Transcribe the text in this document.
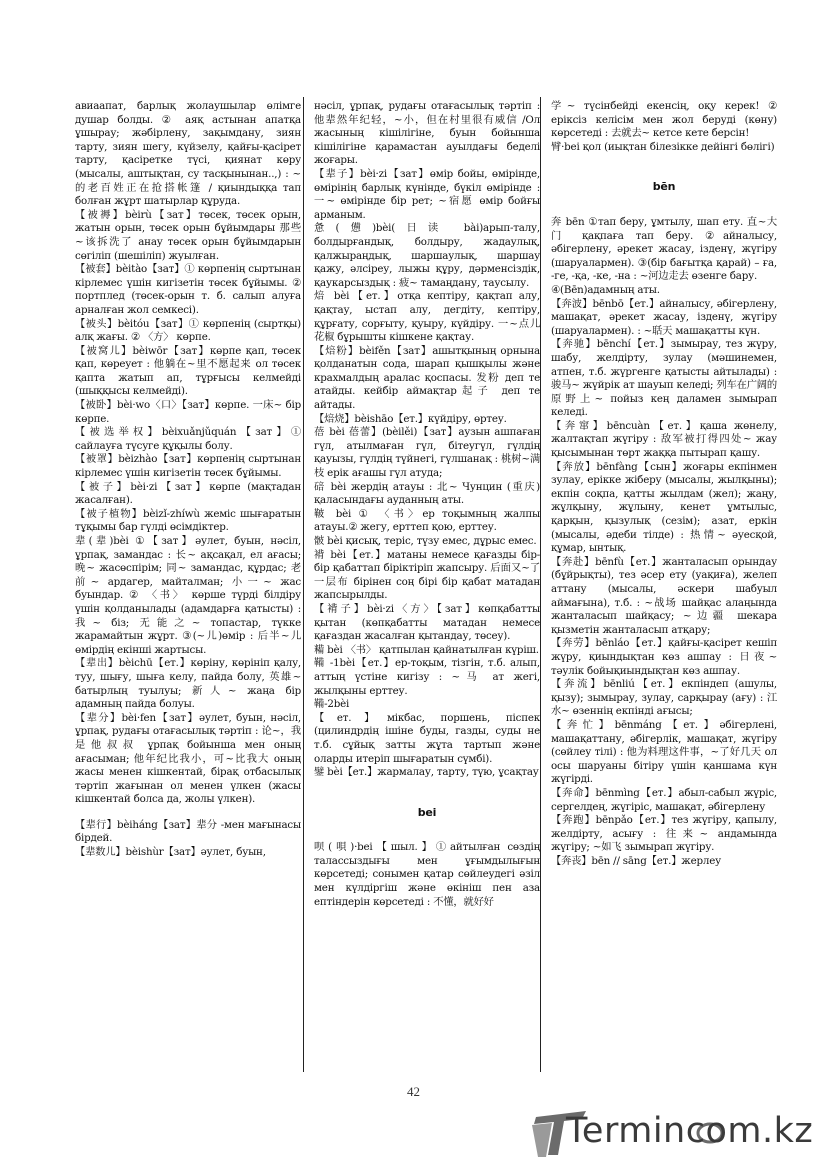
авиаапат, барлық жолаушылар өлімге душар болды. ② аяқ астынан апатқа ұшырау; жәбірлену, зақымдану, зиян тарту, зиян шегу, күйзелу, қайғы-қасірет тарту, қасіретке түсі, қиянат көру (мысалы, аштықтан, су тасқынынан..,) : ~的老百姓正在抢搭帐篷 / қиындыққа тап болған жұрт шатырлар құруда.

【被褥】bèirù【зат】төсек, төсек орын, жатын орын, төсек орын бұйымдары 那些~该拆洗了 анау төсек орын бұйымдарын сөгіліп (шешіліп) жуылған.

【被套】bèitào【зат】① көрпенің сыртынан кірлемес үшін кигізетін төсек бұйымы. ② портплед (төсек-орын т. б. салып алуға арналған жол семкесі).

【被头】bèitóu【зат】① көрпенің (сыртқы) алқ жағы. ② 〈方〉 көрпе.

【被窝儿】bèiwōr【зат】көрпе қап, төсек қап, көреует : 他躺在~里不愿起来 ол төсек қапта жатып ап, тұрғысы келмейді (шыққысы келмейді).

【被卧】bèi·wo〈口〉【зат】көрпе. 一床~ бір көрпе.

【被选举权】bèixuǎnjǔquán【зат】① сайлауға түсуге құқылы болу.

【被罩】bèizhào【зат】көрпенің сыртынан кірлемес үшін кигізетін төсек бұйымы.

【被子】bèi·zi【зат】көрпе (мақтадан жасалған).

【被子植物】bèizǐ-zhíwù жеміс шығаратын тұқымы бар гүлді өсімдіктер.

辈(辈)bèi ①【зат】әулет, буын, нәсіл, ұрпақ, замандас : 长~ ақсақал, ел ағасы; 晚~ жасөспірім; 同~ замандас, құрдас; 老前~ ардагер, майталман; 小一~ жас буындар. ② 〈书〉 көрше түрді білдіру үшін қолданылады (адамдарға қатысты) : 我~ біз; 无能之~ топастар, түкке жарамайтын жұрт. ③(~儿)өмір : 后半~儿 өмірдің екінші жартысы.

【辈出】bèichū【ет.】көріну, көрініп қалу, туу, шығу, шыға келу, пайда болу, 英雄~ батырлың туылуы; 新人~ жаңа бір адамның пайда болуы.

【辈分】bèi·fen【зат】әулет, буын, нәсіл, ұрпақ, рудағы отағасылық тәртіп : 论~，我是他叔叔 ұрпақ бойынша мен оның ағасыман; 他年纪比我小，可~比我大 оның жасы менен кішкентай, бірақ отбасылық тәртіп жағынан ол менен үлкен (жасы кішкентай болса да, жолы үлкен).

【辈行】bèiháng【зат】辈分 -мен мағынасы бірдей.

【辈数儿】bèishùr【зат】әулет, буын,

нәсіл, ұрпақ, рудағы отағасылық тәртіп : 他辈然年纪轻，~小，但在村里很有威信 /Ол жасының кішілігіне, буын бойынша кішілігіне қарамастан ауылдағы беделі жоғары.

【辈子】bèi·zi【зат】өмір бойы, өмірінде, өмірінің барлық күнінде, бүкіл өмірінде : 一~ өмірінде бір рет; ~宿愿 өмір бойғы арманым.

惫(憊)bèi(日读 bài)арып-талу, болдырғандық, болдыру, жадаулық, қалжыраңдық, шаршаулық, шаршау қажу, әлсіреу, лыжы құру, дәрменсіздік, қаукарсыздық : 疲~ тамаңдану, таусылу.

焙 bèi【ет.】отқа кептіру, қақтап алу, қақтау, ыстап алу, дегдіту, кептіру, құрғату, сорғыту, қуыру, күйдіру. 一~点儿花椒 бұрышты кішкене қақтау.

【焙粉】bèifěn【зат】ашытқының орнына қолданатын сода, шарап қышқылы және крахмалдың аралас қоспасы. 发粉 деп те атайды. кейбір аймақтар起子 деп те айтады.

【焙烧】bèishāo【ет.】күйдіру, өртеу.

蓓 bèi 蓓蕾】(bèilěi)【зат】аузын ашпаған гүл, атылмаған гүл, бітеугүл, гүлдің қауызы, гүлдің түйнегі, гүлшанақ : 桃树~满枝 ерік ағашы гүл атуда;

碚 bèi жердің атауы : 北~ Чунцин (重庆) қаласындағы ауданның аты.

鞁 bèi ① 〈书〉ер тоқымның жалпы атауы.② жегу, ерттеп қою, ерттеу.

骳 bèi қисық, теріс, түзу емес, дұрыс емес.

褙 bèi【ет.】матаны немесе қағазды бір-бір қабаттап біріктіріп жапсыру. 后面又~了一层布 бірінен соң бірі бір қабат матадан жапсырылды.

【褙子】bèi·zi〈方〉【зат】көпқабатты қытан (көпқабатты матадан немесе қағаздан жасалған қытандау, төсеу).

糒 bèi 〈书〉 қатпылан қайнатылған күріш.

鞴 -1bèi【ет.】ер-тоқым, тізгін, т.б. алып, аттың үстіне кигізу : ~马 ат жегі, жылқыны ерттеу.

鞴-2bèi

【ет.】мікбас, поршень, піспек (цилиндрдің ішіне буды, газды, суды не т.б. сұйық затты жұта тартып және оларды итеріп шығаратын сүмбі).

鐾 bèi【ет.】жармалау, тарту, түю, ұсақтау

bei

呗(唄)·bei【шыл.】①айтылған сөздің талассыздығы мен ұғымдылығын көрсетеді; сонымен қатар сөйлеудегі әзіл мен күлдіргіш және өкініш пен аза ептіндерін көрсетеді : 不懂，就好好

学~ түсінбейді екенсің, оқу керек! ② еріксіз келісім мен жол беруді (көну) көрсетеді : 去就去~ кетсе кете берсін!

臂·bei қол (иықтан білезікке дейінгі бөлігі)

bēn

奔 bēn ①тап беру, ұмтылу, шап ету. 直~大门 қақпаға тап беру. ②айналысу, әбігерлену, әрекет жасау, ізденү, жүгіру (шаруалармен). ③(бір бағытқа қарай) – ға, -ге, -қа, -ке, -на : ~河边走去 өзенге бару.

④(Bēn)адамның аты.

【奔波】bēnbō【ет.】айналысу, әбігерлену, машақат, әрекет жасау, ізденү, жүгіру (шаруалармен). : ~聒天 машақатты күн.

【奔驰】bēnchí【ет.】зымырау, тез жүру, шабу, желдірту, зулау (мәшинемен, атпен, т.б. жүргенге қатысты айтылады) : 骏马~ жүйрік ат шауып келеді; 列车在广阔的原野上~ пойыз кең даламен зымырап келеді.

【奔窜】bēncuàn【ет.】қаша жөнелу, жалтақтап жүгіру : 敌军被打得四处~ жау қысымынан төрт жаққа пытырап қашу.

【奔放】bēnfàng【сын】жоғары екпінмен зулау, ерікке жіберу (мысалы, жылқыны); екпін соқпа, қатты жылдам (жел); жаңу, жұлқыну, жұлыну, кенет ұмтылыс, қарқын, қызулық (сезім); азат, еркін (мысалы, әдеби тілде) : 热情~ әуесқой, құмар, ынтық.

【奔赴】bēnfù【ет.】жанталасып орындау (бұйрықты), тез әсер ету (уақиға), желеп аттану (мысалы, әскери шабуыл аймағына), т.б. : ~战场 шайқас алаңында жанталасып шайқасу; ~边疆 шекара қызметін жанталасып атқару;

【奔劳】bēnláo【ет.】қайғы-қасірет кешіп жүру, қиындықтан көз ашпау : 日夜~ тәулік бойықиындықтан көз ашпау.

【奔流】bēnliú【ет.】екпіндеп (ашулы, қызу); зымырау, зулау, сарқырау (ағу) : 江水~ өзеннің екпінді ағысы;

【奔忙】bēnmáng【ет.】әбігерлені, машақаттану, әбігерлік, машақат, жүгіру (сөйлеу тілі) : 他为料理这件事，~了好几天 ол осы шаруаны бітіру үшін қаншама күн жүгірді.

【奔命】bēnmìng【ет.】абыл-сабыл жүріс, сергелдең, жүгіріс, машақат, әбігерлену

【奔跑】bēnpǎo【ет.】тез жүгіру, қапылу, желдірту, асығу : 往来~ андамында жүгіру; ~如飞 зымырап жүгіру.

【奔丧】bēn // sāng【ет.】жерлеу

42
Termincom.kz
